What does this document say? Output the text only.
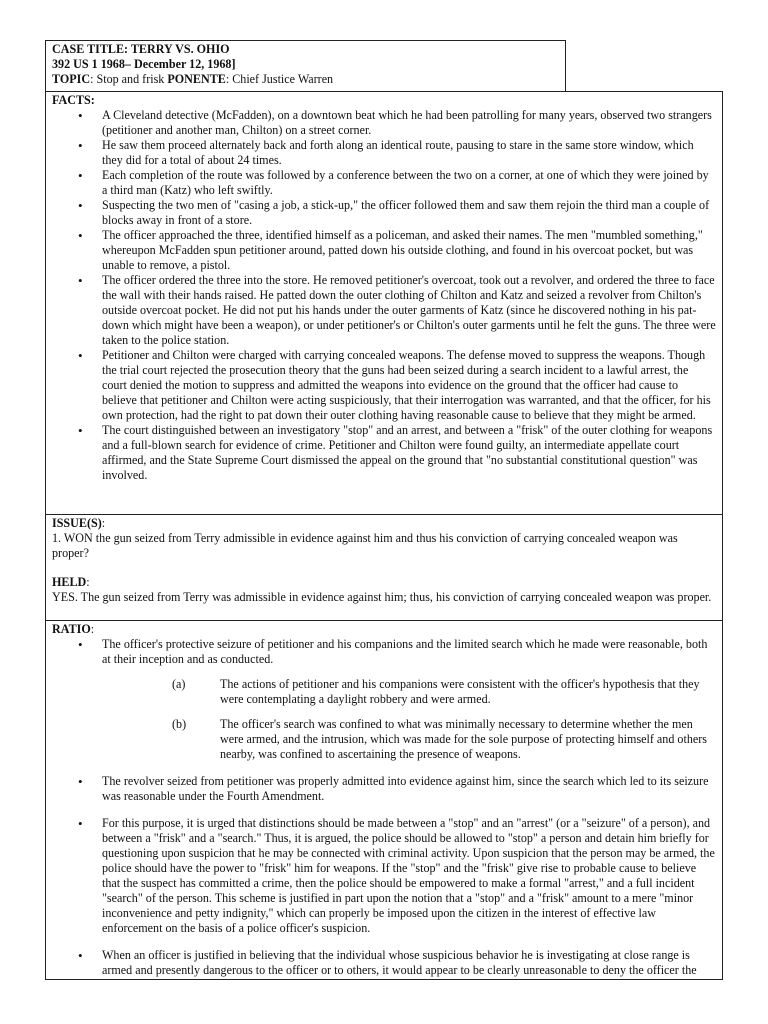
CASE TITLE: TERRY VS. OHIO
392 US 1 1968– December 12, 1968]
TOPIC: Stop and frisk PONENTE: Chief Justice Warren
FACTS:
• A Cleveland detective (McFadden), on a downtown beat which he had been patrolling for many years, observed two strangers (petitioner and another man, Chilton) on a street corner.
• He saw them proceed alternately back and forth along an identical route, pausing to stare in the same store window, which they did for a total of about 24 times.
• Each completion of the route was followed by a conference between the two on a corner, at one of which they were joined by a third man (Katz) who left swiftly.
• Suspecting the two men of "casing a job, a stick-up," the officer followed them and saw them rejoin the third man a couple of blocks away in front of a store.
• The officer approached the three, identified himself as a policeman, and asked their names. The men "mumbled something," whereupon McFadden spun petitioner around, patted down his outside clothing, and found in his overcoat pocket, but was unable to remove, a pistol.
• The officer ordered the three into the store. He removed petitioner's overcoat, took out a revolver, and ordered the three to face the wall with their hands raised. He patted down the outer clothing of Chilton and Katz and seized a revolver from Chilton's outside overcoat pocket. He did not put his hands under the outer garments of Katz (since he discovered nothing in his pat-down which might have been a weapon), or under petitioner's or Chilton's outer garments until he felt the guns. The three were taken to the police station.
• Petitioner and Chilton were charged with carrying concealed weapons. The defense moved to suppress the weapons. Though the trial court rejected the prosecution theory that the guns had been seized during a search incident to a lawful arrest, the court denied the motion to suppress and admitted the weapons into evidence on the ground that the officer had cause to believe that petitioner and Chilton were acting suspiciously, that their interrogation was warranted, and that the officer, for his own protection, had the right to pat down their outer clothing having reasonable cause to believe that they might be armed.
• The court distinguished between an investigatory "stop" and an arrest, and between a "frisk" of the outer clothing for weapons and a full-blown search for evidence of crime. Petitioner and Chilton were found guilty, an intermediate appellate court affirmed, and the State Supreme Court dismissed the appeal on the ground that "no substantial constitutional question" was involved.
ISSUE(S):

1. WON the gun seized from Terry admissible in evidence against him and thus his conviction of carrying concealed weapon was proper?

HELD:

YES. The gun seized from Terry was admissible in evidence against him; thus, his conviction of carrying concealed weapon was proper.

RATIO:
• The officer's protective seizure of petitioner and his companions and the limited search which he made were reasonable, both at their inception and as conducted.
(a)	The actions of petitioner and his companions were consistent with the officer's hypothesis that they were contemplating a daylight robbery and were armed.
(b)	The officer's search was confined to what was minimally necessary to determine whether the men were armed, and the intrusion, which was made for the sole purpose of protecting himself and others nearby, was confined to ascertaining the presence of weapons.
• The revolver seized from petitioner was properly admitted into evidence against him, since the search which led to its seizure was reasonable under the Fourth Amendment.
• For this purpose, it is urged that distinctions should be made between a "stop" and an "arrest" (or a "seizure" of a person), and between a "frisk" and a "search." Thus, it is argued, the police should be allowed to "stop" a person and detain him briefly for questioning upon suspicion that he may be connected with criminal activity. Upon suspicion that the person may be armed, the police should have the power to "frisk" him for weapons. If the "stop" and the "frisk" give rise to probable cause to believe that the suspect has committed a crime, then the police should be empowered to make a formal "arrest," and a full incident "search" of the person. This scheme is justified in part upon the notion that a "stop" and a "frisk" amount to a mere "minor inconvenience and petty indignity," which can properly be imposed upon the citizen in the interest of effective law enforcement on the basis of a police officer's suspicion.
• When an officer is justified in believing that the individual whose suspicious behavior he is investigating at close range is armed and presently dangerous to the officer or to others, it would appear to be clearly unreasonable to deny the officer the
